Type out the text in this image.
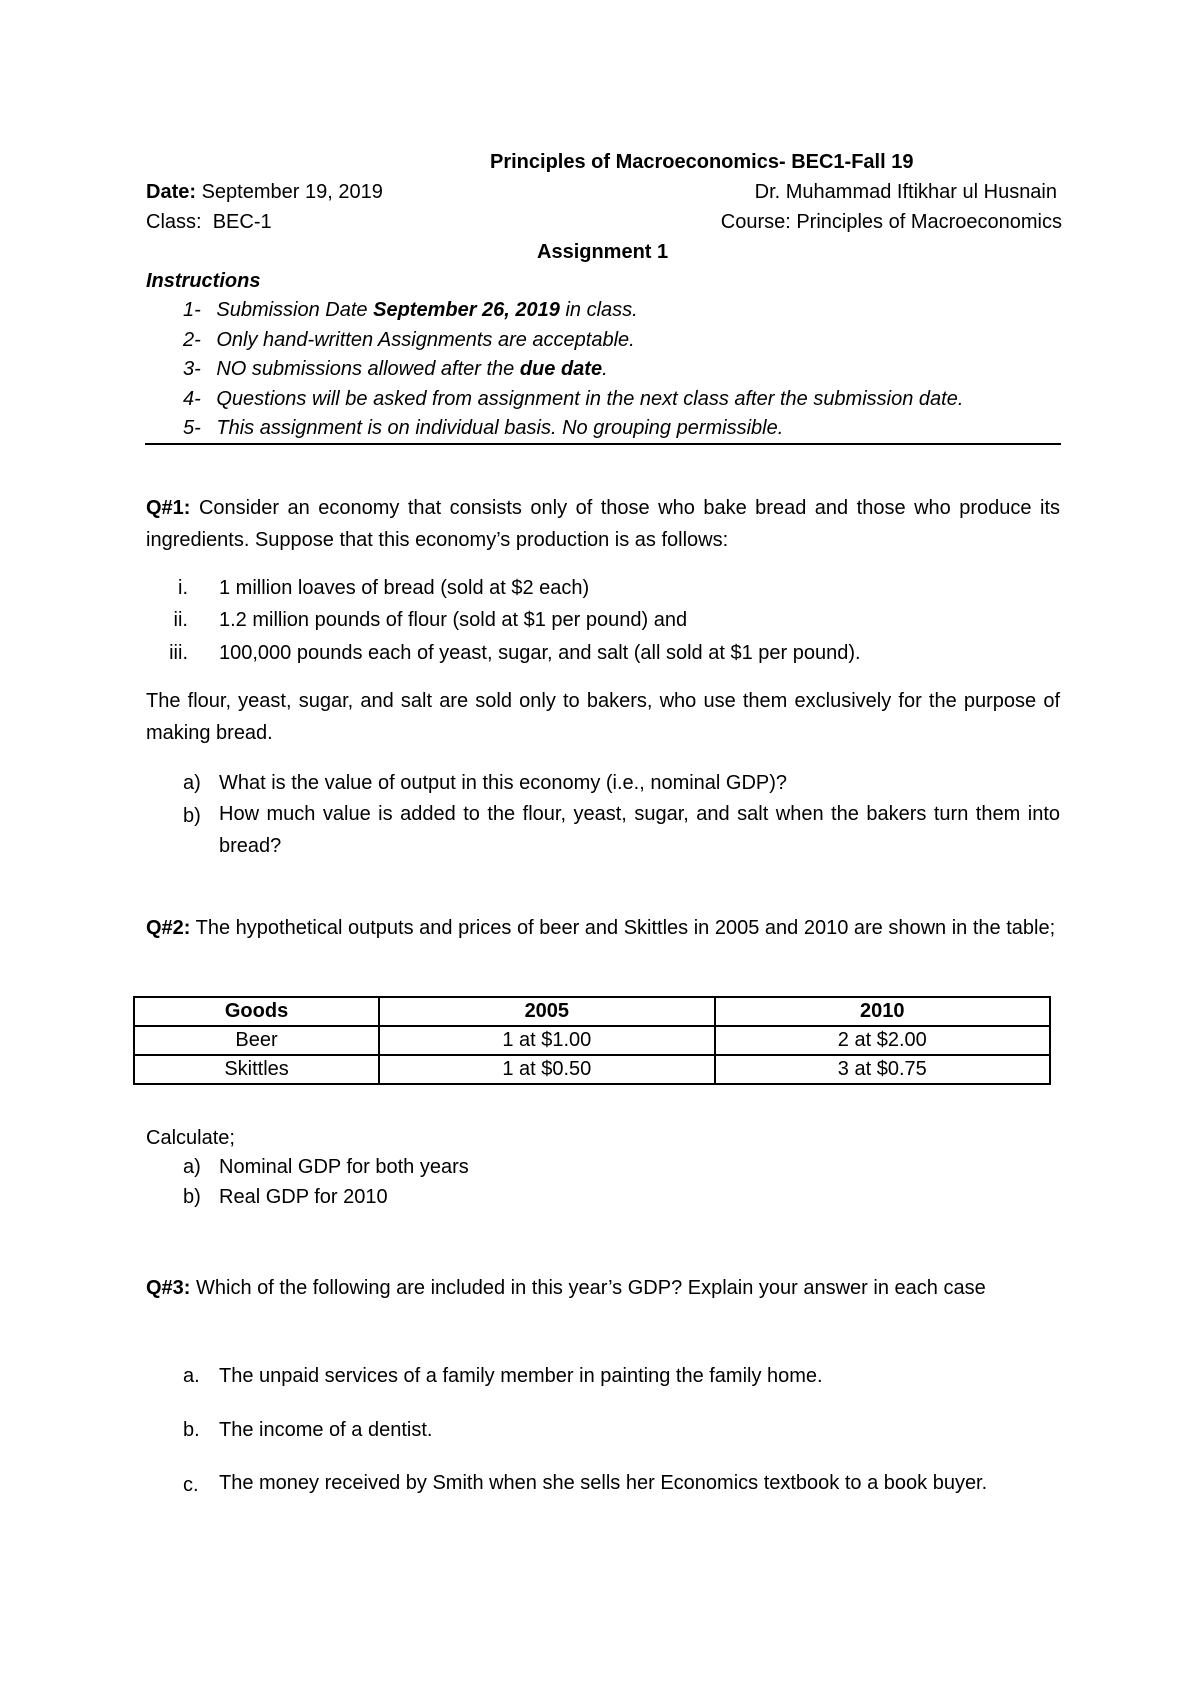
Principles of Macroeconomics- BEC1-Fall 19
Date: September 19, 2019	Dr. Muhammad Iftikhar ul Husnain
Class:  BEC-1	Course: Principles of Macroeconomics
Assignment 1
Instructions
1- Submission Date September 26, 2019 in class.
2- Only hand-written Assignments are acceptable.
3- NO submissions allowed after the due date.
4- Questions will be asked from assignment in the next class after the submission date.
5- This assignment is on individual basis. No grouping permissible.
Q#1: Consider an economy that consists only of those who bake bread and those who produce its ingredients. Suppose that this economy’s production is as follows:
i. 1 million loaves of bread (sold at $2 each)
ii. 1.2 million pounds of flour (sold at $1 per pound) and
iii. 100,000 pounds each of yeast, sugar, and salt (all sold at $1 per pound).
The flour, yeast, sugar, and salt are sold only to bakers, who use them exclusively for the purpose of making bread.
a) What is the value of output in this economy (i.e., nominal GDP)?
b) How much value is added to the flour, yeast, sugar, and salt when the bakers turn them into bread?
Q#2: The hypothetical outputs and prices of beer and Skittles in 2005 and 2010 are shown in the table;
Goods	2005	2010
Beer	1 at $1.00	2 at $2.00
Skittles	1 at $0.50	3 at $0.75
Calculate;
a) Nominal GDP for both years
b) Real GDP for 2010
Q#3: Which of the following are included in this year’s GDP? Explain your answer in each case
a. The unpaid services of a family member in painting the family home.
b. The income of a dentist.
c. The money received by Smith when she sells her Economics textbook to a book buyer.
